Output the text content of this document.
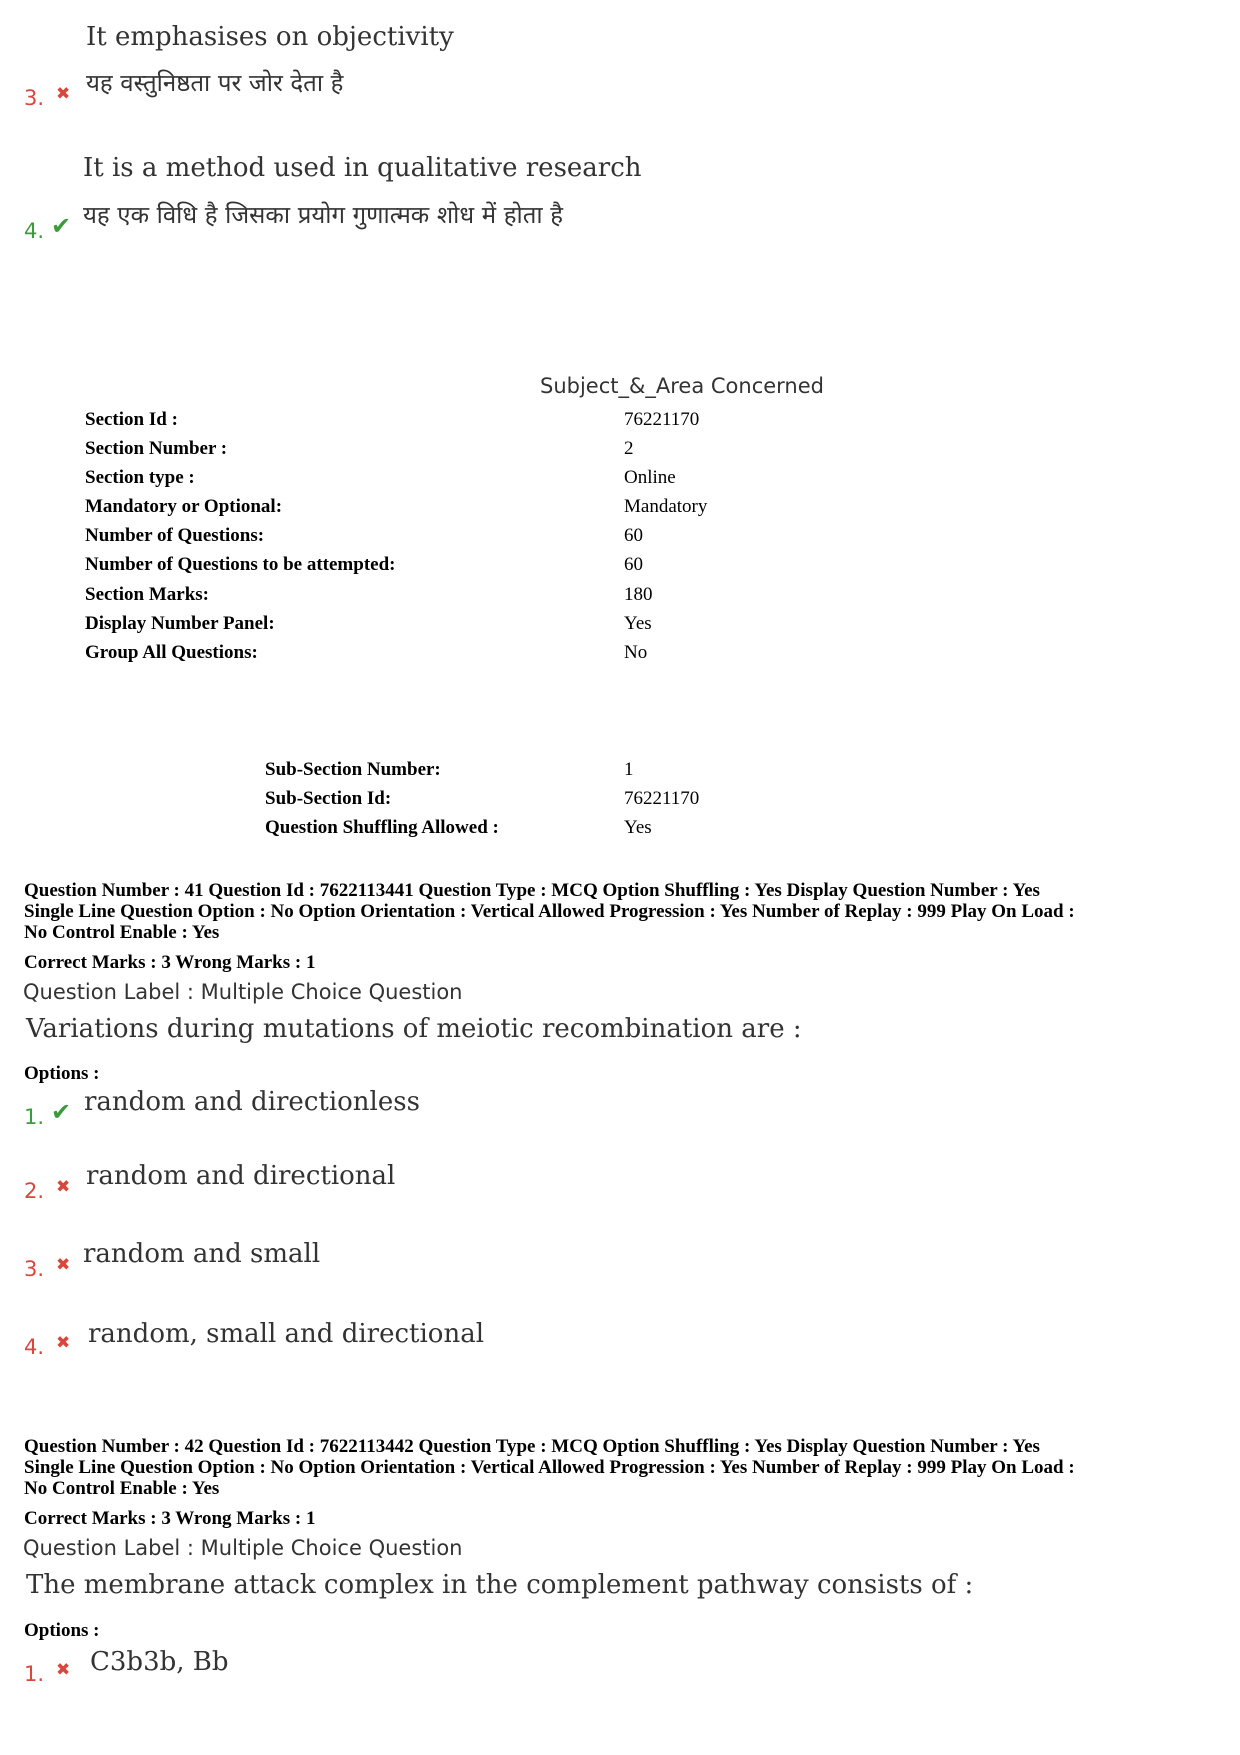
It emphasises on objectivity
यह वस्तुनिष्ठता पर जोर देता है
3. ✖
It is a method used in qualitative research
यह एक विधि है जिसका प्रयोग गुणात्मक शोध में होता है
4. ✔
Subject_&_Area Concerned
Section Id :	76221170
Section Number :	2
Section type :	Online
Mandatory or Optional:	Mandatory
Number of Questions:	60
Number of Questions to be attempted:	60
Section Marks:	180
Display Number Panel:	Yes
Group All Questions:	No
Sub-Section Number:	1
Sub-Section Id:	76221170
Question Shuffling Allowed :	Yes
Question Number : 41 Question Id : 7622113441 Question Type : MCQ Option Shuffling : Yes Display Question Number : Yes
Single Line Question Option : No Option Orientation : Vertical Allowed Progression : Yes Number of Replay : 999 Play On Load :
No Control Enable : Yes
Correct Marks : 3 Wrong Marks : 1
Question Label : Multiple Choice Question
Variations during mutations of meiotic recombination are :
Options :
1. ✔ random and directionless
2. ✖ random and directional
3. ✖ random and small
4. ✖ random, small and directional
Question Number : 42 Question Id : 7622113442 Question Type : MCQ Option Shuffling : Yes Display Question Number : Yes
Single Line Question Option : No Option Orientation : Vertical Allowed Progression : Yes Number of Replay : 999 Play On Load :
No Control Enable : Yes
Correct Marks : 3 Wrong Marks : 1
Question Label : Multiple Choice Question
The membrane attack complex in the complement pathway consists of :
Options :
1. ✖ C3b3b, Bb
